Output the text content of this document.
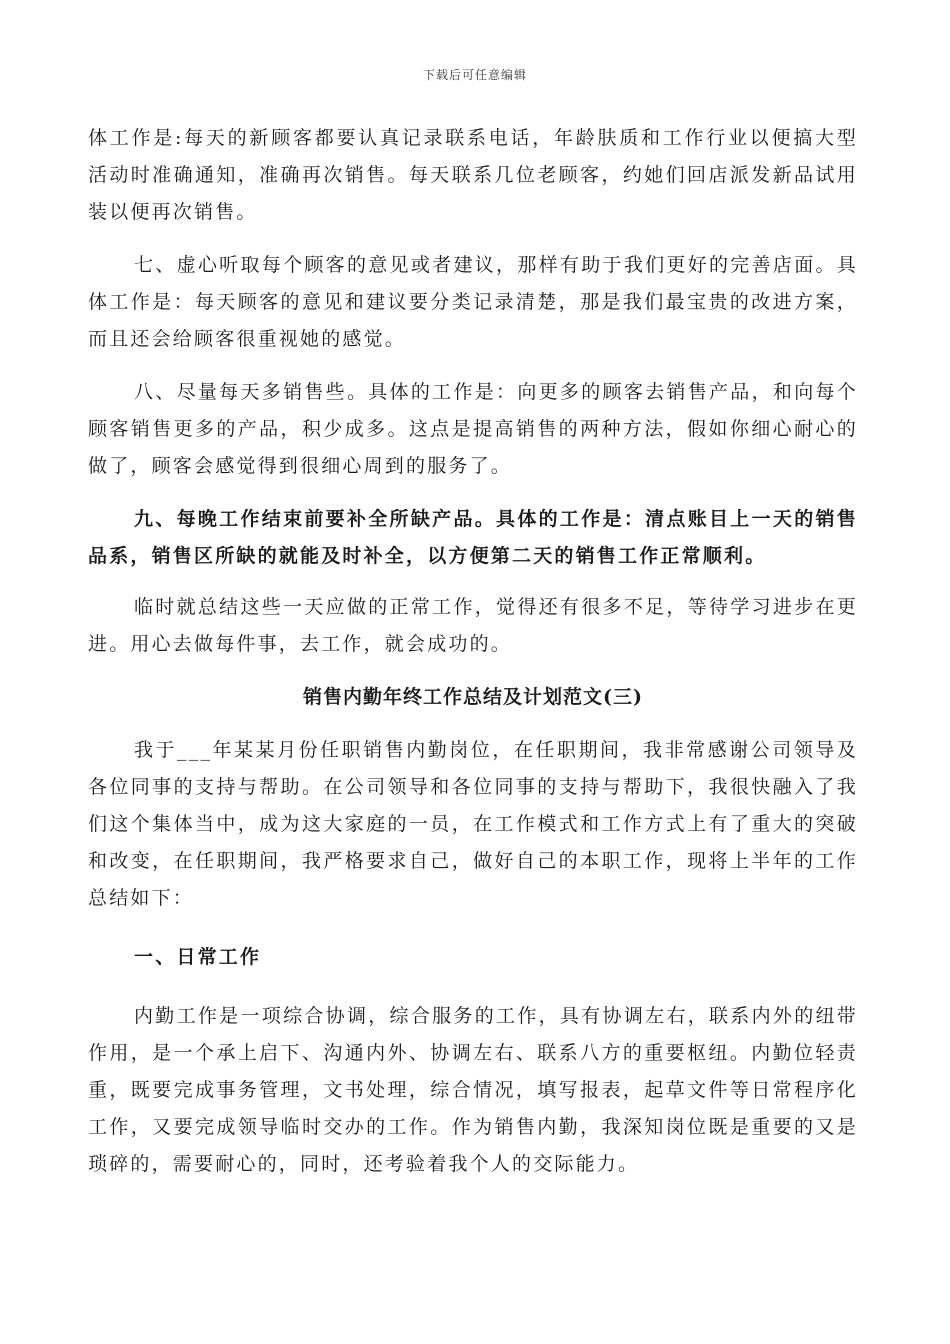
下载后可任意编辑

体工作是:每天的新顾客都要认真记录联系电话，年龄肤质和工作行业以便搞大型活动时准确通知，准确再次销售。每天联系几位老顾客，约她们回店派发新品试用装以便再次销售。

七、虚心听取每个顾客的意见或者建议，那样有助于我们更好的完善店面。具体工作是：每天顾客的意见和建议要分类记录清楚，那是我们最宝贵的改进方案，而且还会给顾客很重视她的感觉。

八、尽量每天多销售些。具体的工作是：向更多的顾客去销售产品，和向每个顾客销售更多的产品，积少成多。这点是提高销售的两种方法，假如你细心耐心的做了，顾客会感觉得到很细心周到的服务了。

九、每晚工作结束前要补全所缺产品。具体的工作是：清点账目上一天的销售品系，销售区所缺的就能及时补全，以方便第二天的销售工作正常顺利。

临时就总结这些一天应做的正常工作，觉得还有很多不足，等待学习进步在更进。用心去做每件事，去工作，就会成功的。

销售内勤年终工作总结及计划范文(三)

我于___年某某月份任职销售内勤岗位，在任职期间，我非常感谢公司领导及各位同事的支持与帮助。在公司领导和各位同事的支持与帮助下，我很快融入了我们这个集体当中，成为这大家庭的一员，在工作模式和工作方式上有了重大的突破和改变，在任职期间，我严格要求自己，做好自己的本职工作，现将上半年的工作总结如下：

一、日常工作

内勤工作是一项综合协调，综合服务的工作，具有协调左右，联系内外的纽带作用，是一个承上启下、沟通内外、协调左右、联系八方的重要枢纽。内勤位轻责重，既要完成事务管理，文书处理，综合情况，填写报表，起草文件等日常程序化工作，又要完成领导临时交办的工作。作为销售内勤，我深知岗位既是重要的又是琐碎的，需要耐心的，同时，还考验着我个人的交际能力。
